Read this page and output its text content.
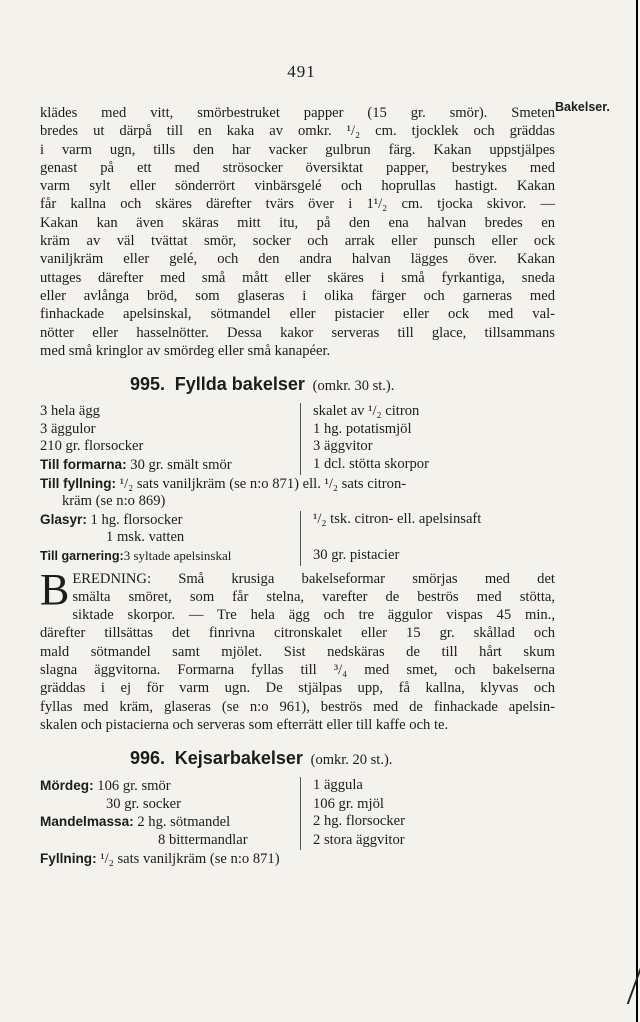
491
klädes med vitt, smörbestruket papper (15 gr. smör). Smeten
bredes ut därpå till en kaka av omkr. ¹/₂ cm. tjocklek och gräddas
i varm ugn, tills den har vacker gulbrun färg. Kakan uppstjälpes
genast på ett med strösocker översiktat papper, bestrykes med
varm sylt eller sönderrört vinbärsgelé och hoprullas hastigt. Kakan
får kallna och skäres därefter tvärs över i 1¹/₂ cm. tjocka skivor. —
Kakan kan även skäras mitt itu, på den ena halvan bredes en
kräm av väl tvättat smör, socker och arrak eller punsch eller ock
vaniljkräm eller gelé, och den andra halvan lägges över. Kakan
uttages därefter med små mått eller skäres i små fyrkantiga, sneda
eller avlånga bröd, som glaseras i olika färger och garneras med
finhackade apelsinskal, sötmandel eller pistacier eller ock med val-
nötter eller hasselnötter. Dessa kakor serveras till glace, tillsammans
med små kringlor av smördeg eller små kanapéer.
995. Fyllda bakelser (omkr. 30 st.).
3 hela ägg	skalet av ¹/₂ citron
3 äggulor	1 hg. potatismjöl
210 gr. florsocker	3 äggvitor
Till formarna: 30 gr. smält smör	1 dcl. stötta skorpor
Till fyllning: ¹/₂ sats vaniljkräm (se n:o 871) ell. ¹/₂ sats citron-
kräm (se n:o 869)
Glasyr: 1 hg. florsocker	¹/₂ tsk. citron- ell. apelsinsaft
1 msk. vatten
Till garnering:3 syltade apelsinskal	30 gr. pistacier
B EREDNING: Små krusiga bakelseformar smörjas med det
smälta smöret, som får stelna, varefter de beströs med stötta,
siktade skorpor. — Tre hela ägg och tre äggulor vispas 45 min.,
därefter tillsättas det finrivna citronskalet eller 15 gr. skållad och
mald sötmandel samt mjölet. Sist nedskäras de till hårt skum
slagna äggvitorna. Formarna fyllas till ³/₄ med smet, och bakelserna
gräddas i ej för varm ugn. De stjälpas upp, få kallna, klyvas och
fyllas med kräm, glaseras (se n:o 961), beströs med de finhackade apelsin-
skalen och pistacierna och serveras som efterrätt eller till kaffe och te.
996. Kejsarbakelser (omkr. 20 st.).
Mördeg: 106 gr. smör	1 äggula
30 gr. socker	106 gr. mjöl
Mandelmassa: 2 hg. sötmandel	2 hg. florsocker
8 bittermandlar	2 stora äggvitor
Fyllning: ¹/₂ sats vaniljkräm (se n:o 871)
Bakelser.
